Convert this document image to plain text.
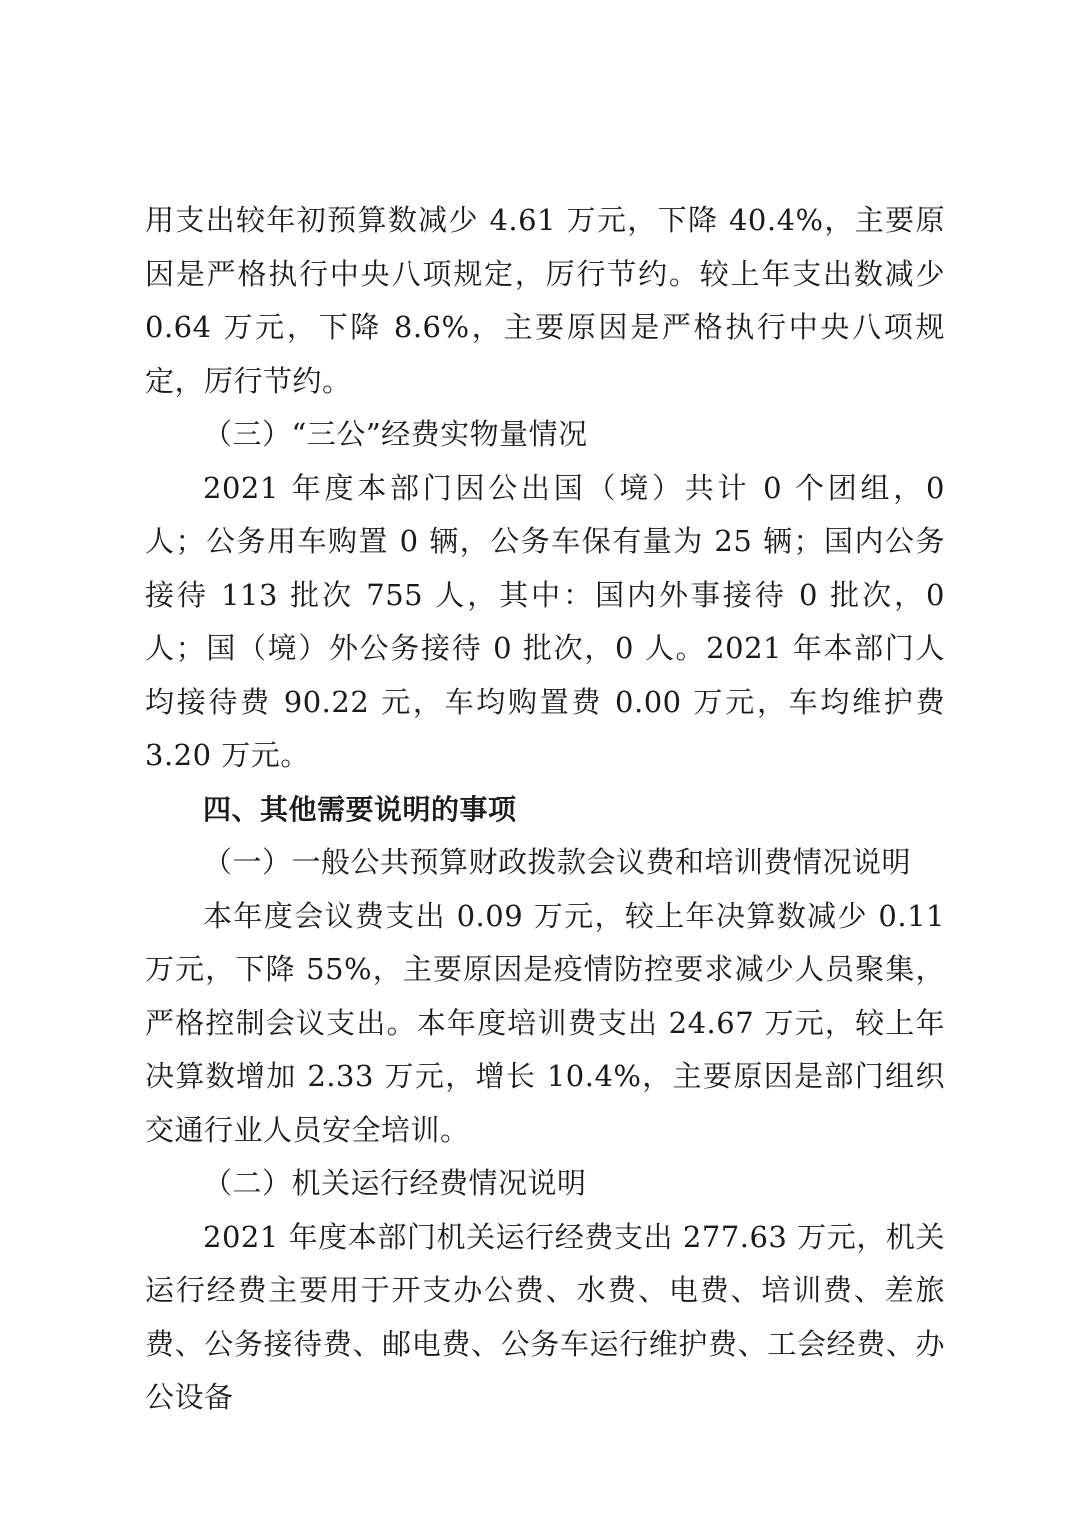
用支出较年初预算数减少 4.61 万元，下降 40.4%，主要原因是严格执行中央八项规定，厉行节约。较上年支出数减少 0.64 万元，下降 8.6%，主要原因是严格执行中央八项规定，厉行节约。

（三）“三公”经费实物量情况

2021 年度本部门因公出国（境）共计 0 个团组，0 人；公务用车购置 0 辆，公务车保有量为 25 辆；国内公务接待 113 批次 755 人，其中：国内外事接待 0 批次，0 人；国（境）外公务接待 0 批次，0 人。2021 年本部门人均接待费 90.22 元，车均购置费 0.00 万元，车均维护费 3.20 万元。

四、其他需要说明的事项

（一）一般公共预算财政拨款会议费和培训费情况说明

本年度会议费支出 0.09 万元，较上年决算数减少 0.11 万元，下降 55%，主要原因是疫情防控要求减少人员聚集，严格控制会议支出。本年度培训费支出 24.67 万元，较上年决算数增加 2.33 万元，增长 10.4%，主要原因是部门组织交通行业人员安全培训。

（二）机关运行经费情况说明

2021 年度本部门机关运行经费支出 277.63 万元，机关运行经费主要用于开支办公费、水费、电费、培训费、差旅费、公务接待费、邮电费、公务车运行维护费、工会经费、办公设备
